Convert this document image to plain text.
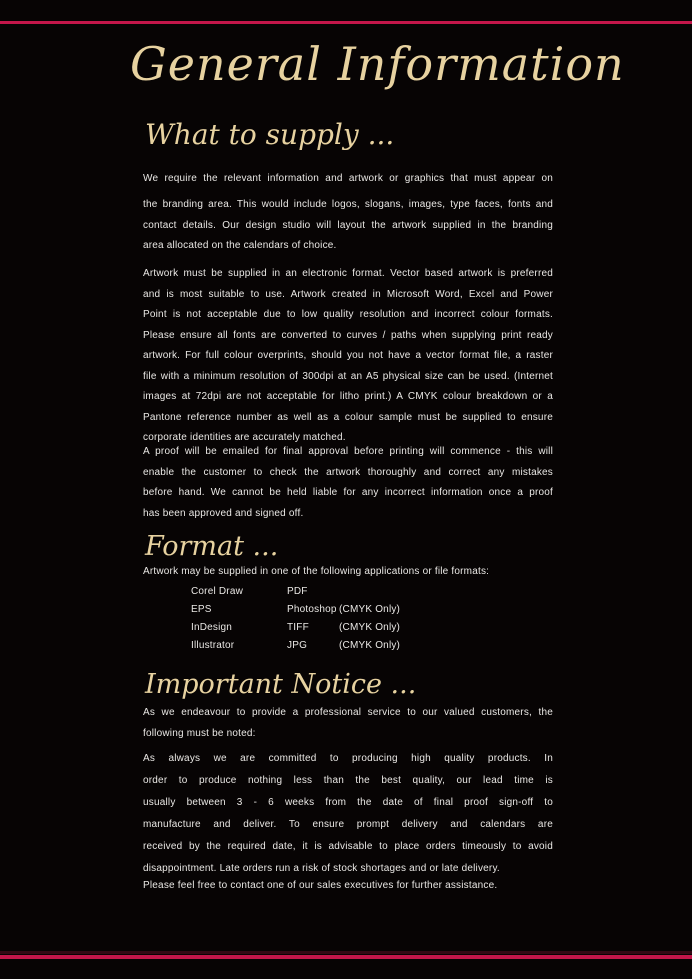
General Information
What to supply ...
We require the relevant information and artwork or graphics that must appear on
the branding area. This would include logos, slogans, images, type faces, fonts and
contact details. Our design studio will layout the artwork supplied in the branding
area allocated on the calendars of choice.
Artwork must be supplied in an electronic format. Vector based artwork is preferred
and is most suitable to use. Artwork created in Microsoft Word, Excel and Power
Point is not acceptable due to low quality resolution and incorrect colour formats.
Please ensure all fonts are converted to curves / paths when supplying print ready
artwork. For full colour overprints, should you not have a vector format file, a raster
file with a minimum resolution of 300dpi at an A5 physical size can be used. (Internet
images at 72dpi are not acceptable for litho print.) A CMYK colour breakdown or a
Pantone reference number as well as a colour sample must be supplied to ensure
corporate identities are accurately matched.
A proof will be emailed for final approval before printing will commence - this will
enable the customer to check the artwork thoroughly and correct any mistakes
before hand. We cannot be held liable for any incorrect information once a proof
has been approved and signed off.
Format ...
Artwork may be supplied in one of the following applications or file formats:
Corel Draw	PDF
EPS	Photoshop (CMYK Only)
InDesign	TIFF	(CMYK Only)
Illustrator	JPG	(CMYK Only)
Important Notice ...
As we endeavour to provide a professional service to our valued customers, the
following must be noted:
As always we are committed to producing high quality products. In
order to produce nothing less than the best quality, our lead time is
usually between 3 - 6 weeks from the date of final proof sign-off to
manufacture and deliver. To ensure prompt delivery and calendars are
received by the required date, it is advisable to place orders timeously to avoid
disappointment. Late orders run a risk of stock shortages and or late delivery.
Please feel free to contact one of our sales executives for further assistance.
